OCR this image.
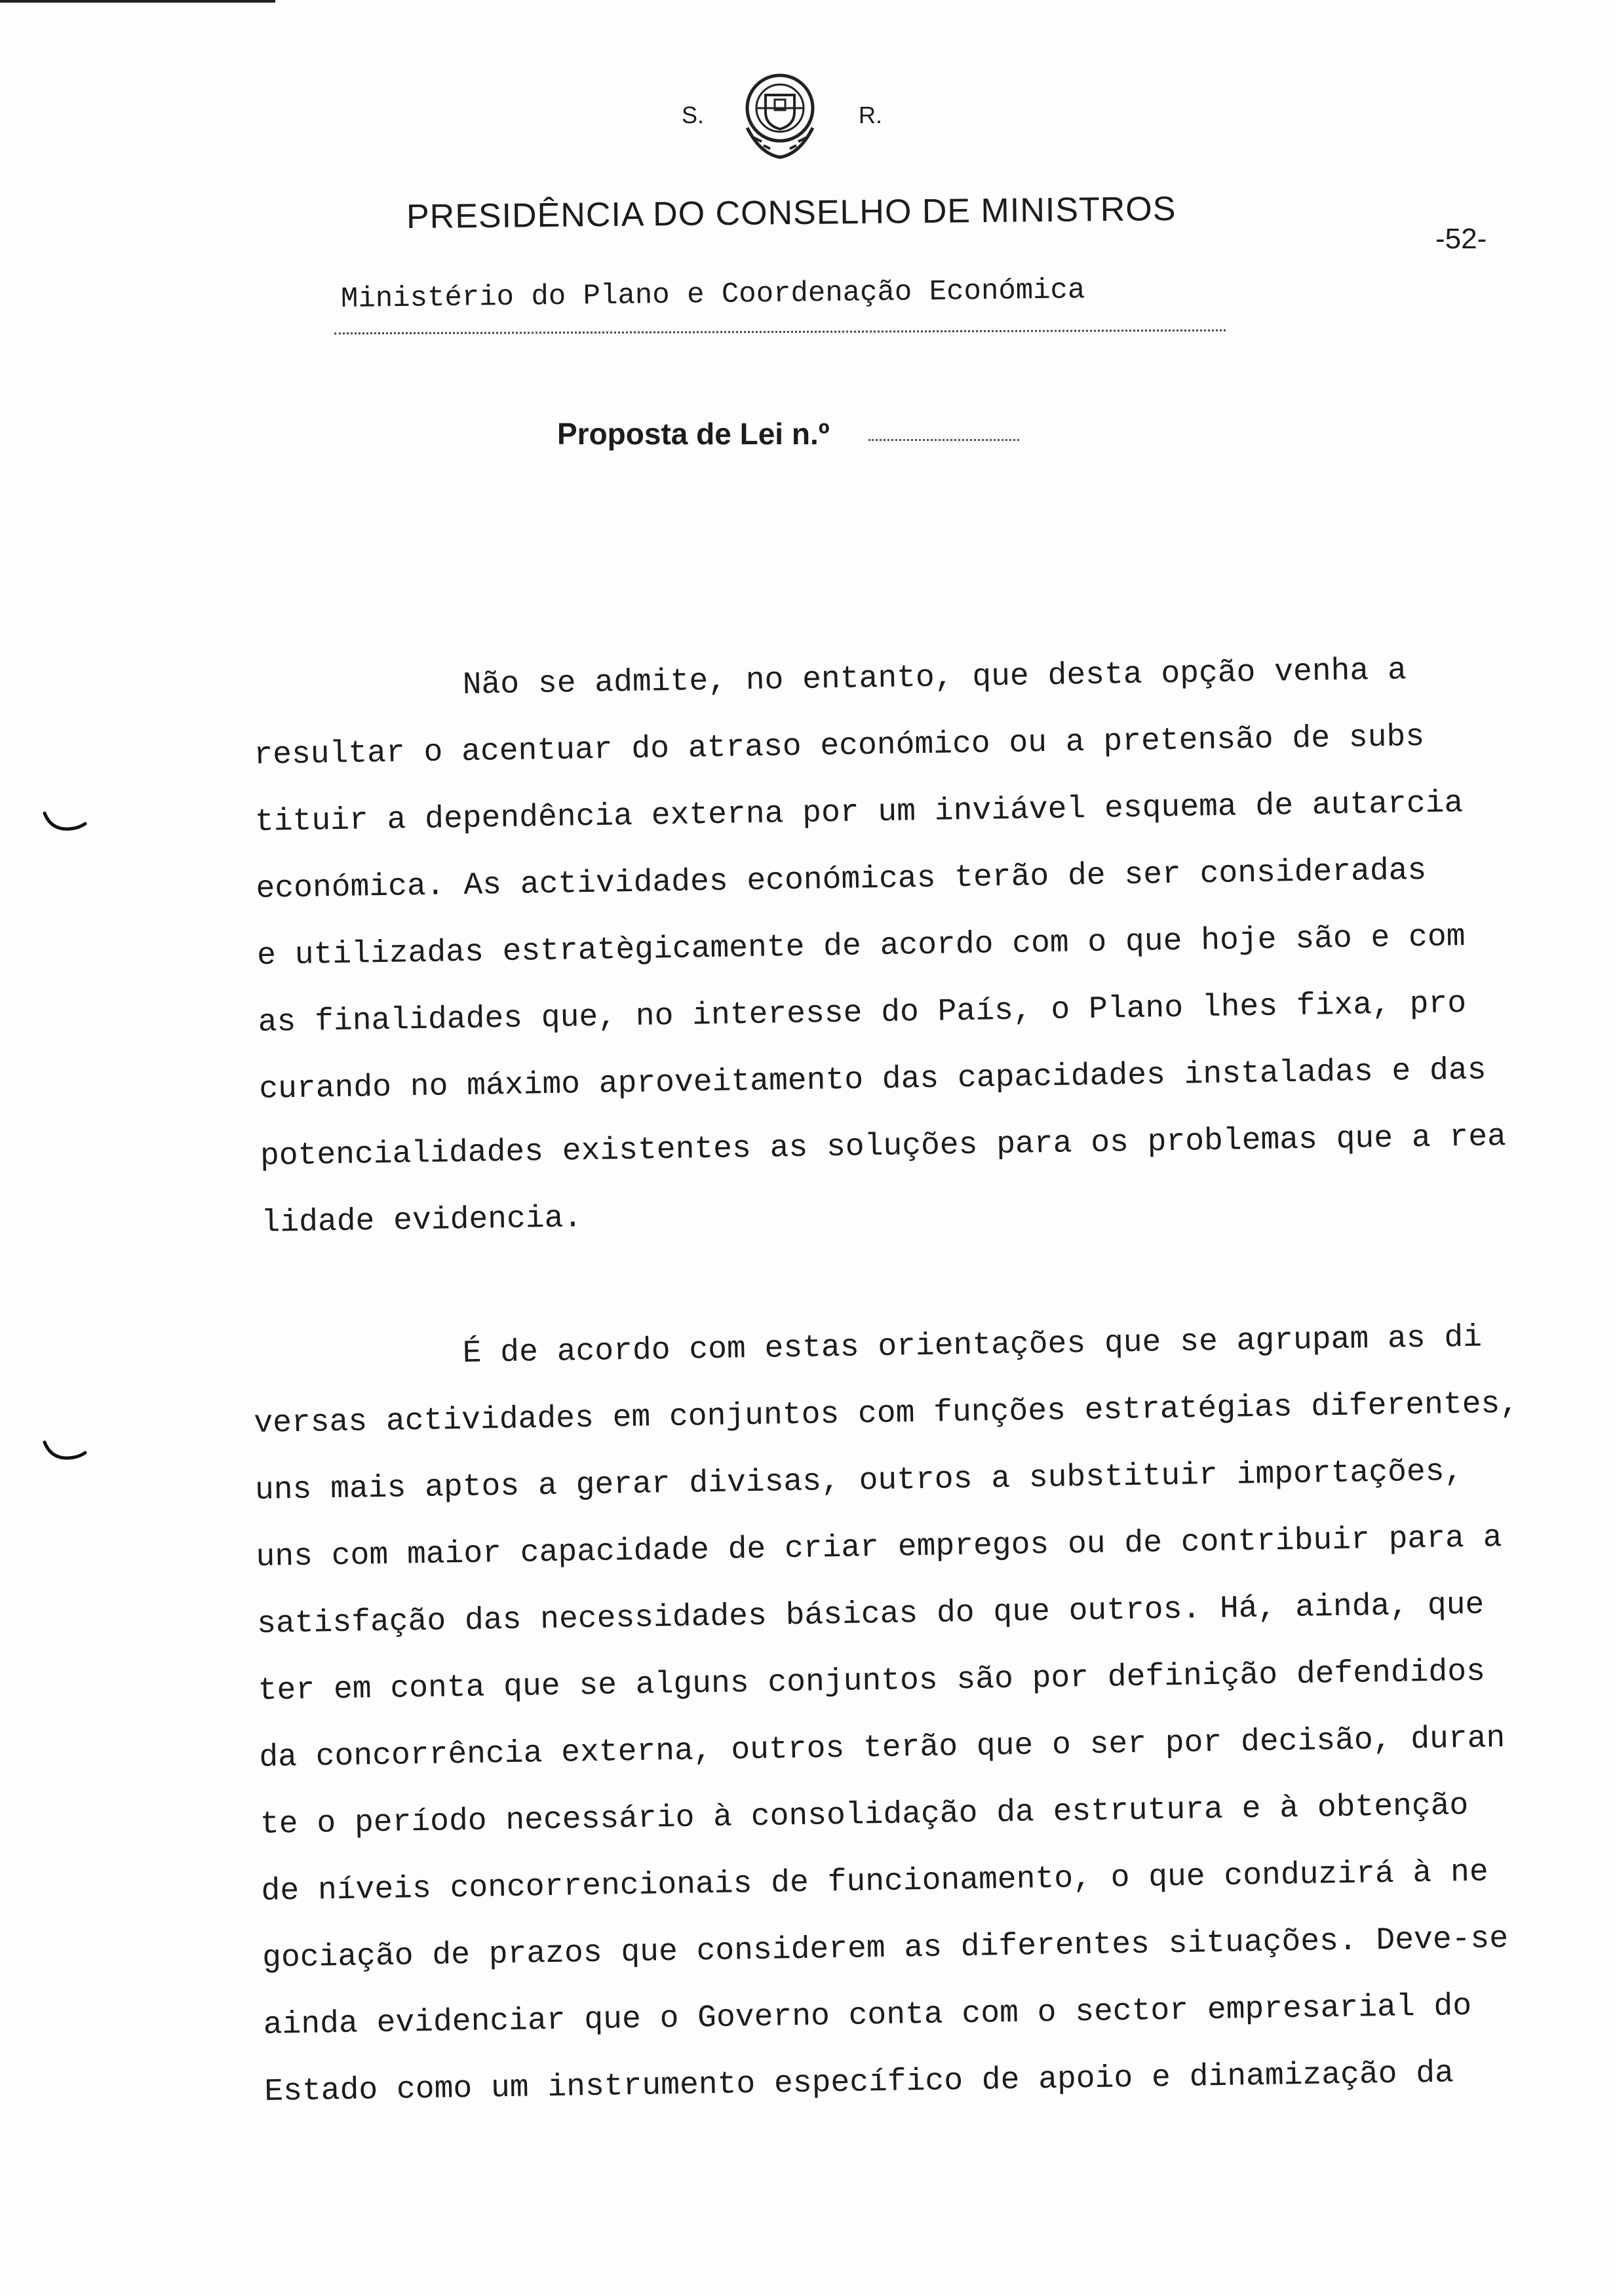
S.	R.
PRESIDÊNCIA DO CONSELHO DE MINISTROS
-52-
Ministério do Plano e Coordenação Económica
Proposta de Lei n.º
Não se admite, no entanto, que desta opção venha a
resultar o acentuar do atraso económico ou a pretensão de subs
tituir a dependência externa por um inviável esquema de autarcia
económica. As actividades económicas terão de ser consideradas
e utilizadas estratègicamente de acordo com o que hoje são e com
as finalidades que, no interesse do País, o Plano lhes fixa, pro
curando no máximo aproveitamento das capacidades instaladas e das
potencialidades existentes as soluções para os problemas que a rea
lidade evidencia.
É de acordo com estas orientações que se agrupam as di
versas actividades em conjuntos com funções estratégias diferentes,
uns mais aptos a gerar divisas, outros a substituir importações,
uns com maior capacidade de criar empregos ou de contribuir para a
satisfação das necessidades básicas do que outros. Há, ainda, que
ter em conta que se alguns conjuntos são por definição defendidos
da concorrência externa, outros terão que o ser por decisão, duran
te o período necessário à consolidação da estrutura e à obtenção
de níveis concorrencionais de funcionamento, o que conduzirá à ne
gociação de prazos que considerem as diferentes situações. Deve-se
ainda evidenciar que o Governo conta com o sector empresarial do
Estado como um instrumento específico de apoio e dinamização da
